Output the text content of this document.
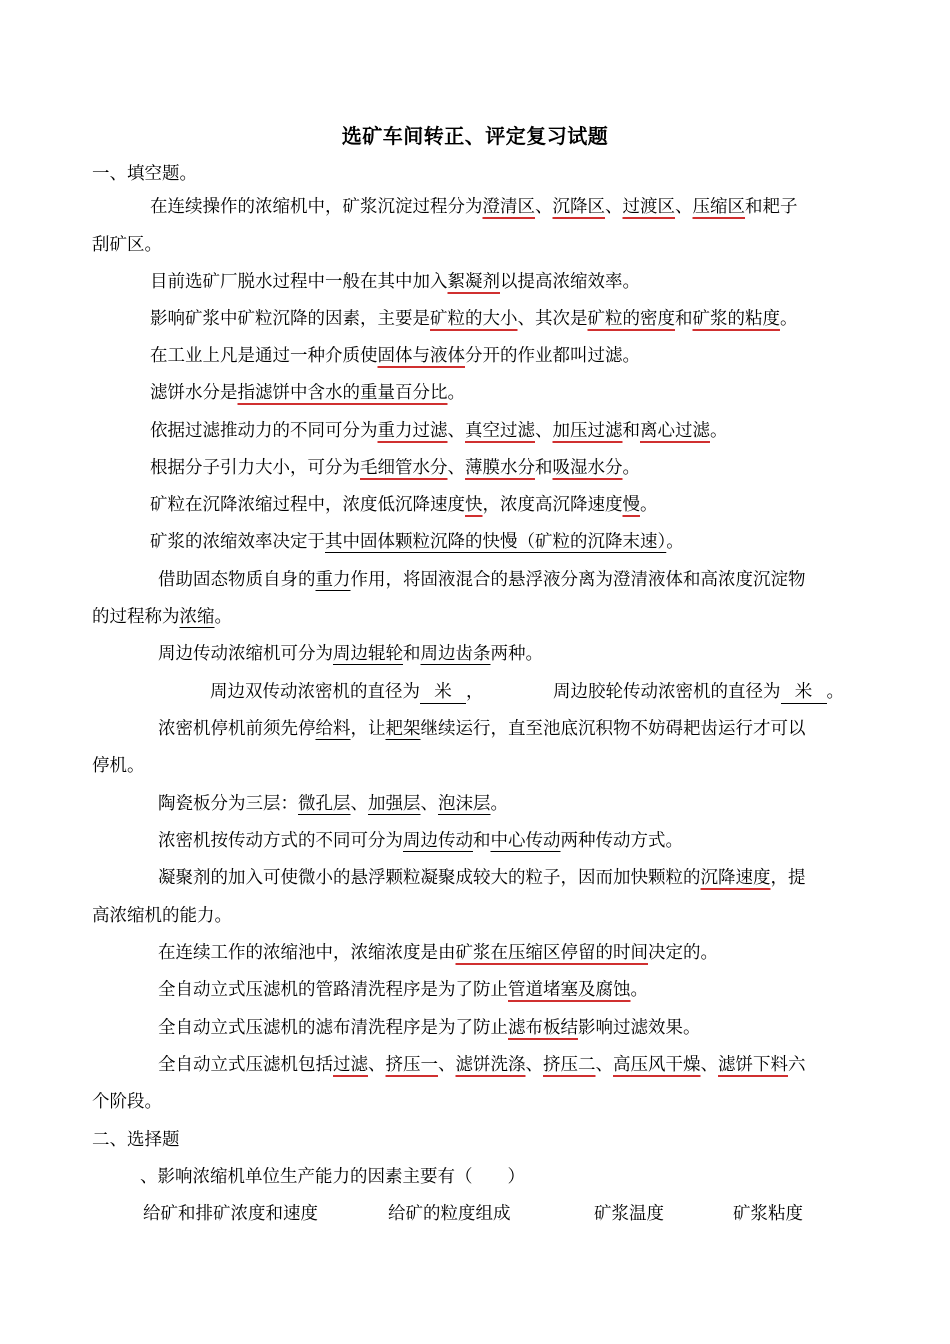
选矿车间转正、评定复习试题
一、填空题。
在连续操作的浓缩机中，矿浆沉淀过程分为澄清区、沉降区、过渡区、压缩区和耙子
刮矿区。
目前选矿厂脱水过程中一般在其中加入絮凝剂以提高浓缩效率。
影响矿浆中矿粒沉降的因素，主要是矿粒的大小、其次是矿粒的密度和矿浆的粘度。
在工业上凡是通过一种介质使固体与液体分开的作业都叫过滤。
滤饼水分是指滤饼中含水的重量百分比。
依据过滤推动力的不同可分为重力过滤、真空过滤、加压过滤和离心过滤。
根据分子引力大小，可分为毛细管水分、薄膜水分和吸湿水分。
矿粒在沉降浓缩过程中，浓度低沉降速度快，浓度高沉降速度慢。
矿浆的浓缩效率决定于其中固体颗粒沉降的快慢（矿粒的沉降末速）。
借助固态物质自身的重力作用，将固液混合的悬浮液分离为澄清液体和高浓度沉淀物
的过程称为浓缩。
周边传动浓缩机可分为周边辊轮和周边齿条两种。
周边双传动浓密机的直径为 米 ，	周边胶轮传动浓密机的直径为 米 。
浓密机停机前须先停给料，让耙架继续运行，直至池底沉积物不妨碍耙齿运行才可以
停机。
陶瓷板分为三层：微孔层、加强层、泡沫层。
浓密机按传动方式的不同可分为周边传动和中心传动两种传动方式。
凝聚剂的加入可使微小的悬浮颗粒凝聚成较大的粒子，因而加快颗粒的沉降速度，提
高浓缩机的能力。
在连续工作的浓缩池中，浓缩浓度是由矿浆在压缩区停留的时间决定的。
全自动立式压滤机的管路清洗程序是为了防止管道堵塞及腐蚀。
全自动立式压滤机的滤布清洗程序是为了防止滤布板结影响过滤效果。
全自动立式压滤机包括过滤、挤压一、滤饼洗涤、挤压二、高压风干燥、滤饼下料六
个阶段。
二、选择题
、影响浓缩机单位生产能力的因素主要有（　　）
给矿和排矿浓度和速度	给矿的粒度组成	矿浆温度	矿浆粘度
